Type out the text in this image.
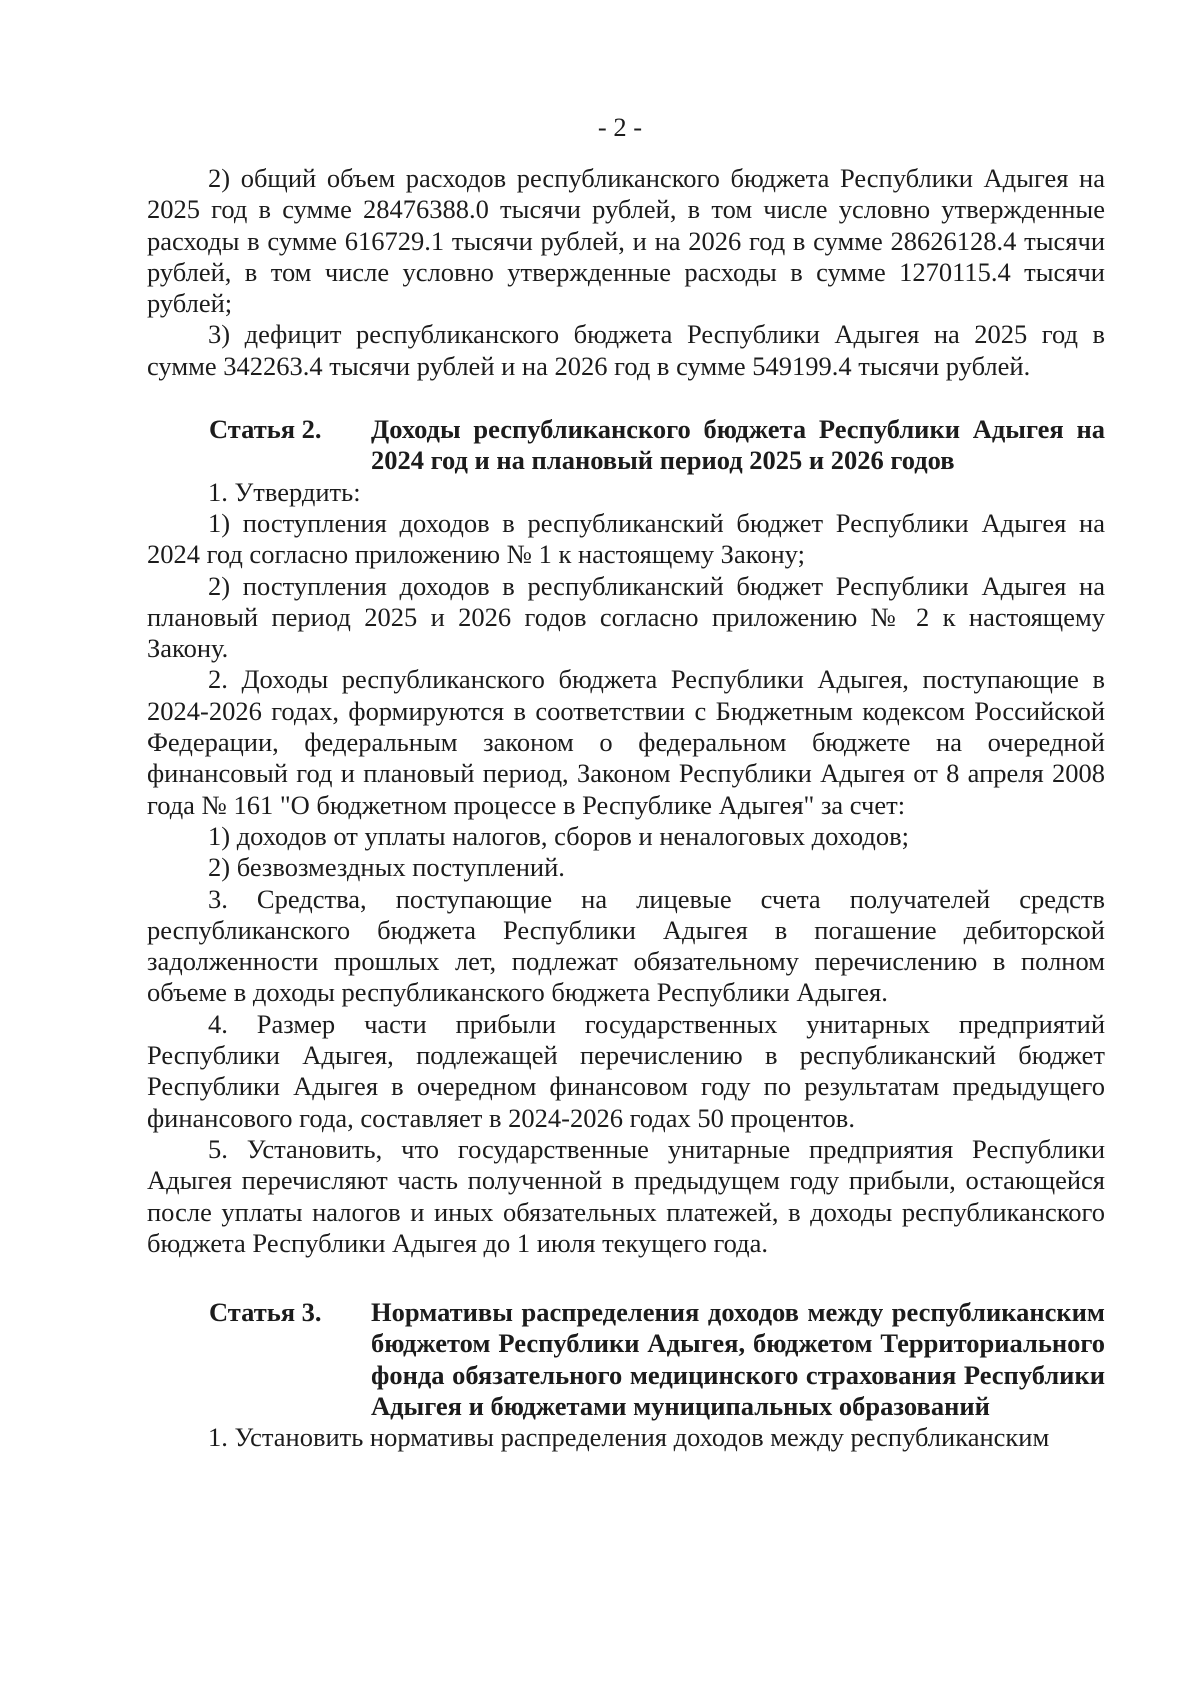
- 2 -

2) общий объем расходов республиканского бюджета Республики Адыгея на 2025 год в сумме 28476388.0 тысячи рублей, в том числе условно утвержденные расходы в сумме 616729.1 тысячи рублей, и на 2026 год в сумме 28626128.4 тысячи рублей, в том числе условно утвержденные расходы в сумме 1270115.4 тысячи рублей;

3) дефицит республиканского бюджета Республики Адыгея на 2025 год в сумме 342263.4 тысячи рублей и на 2026 год в сумме 549199.4 тысячи рублей.

Статья 2.	Доходы республиканского бюджета Республики Адыгея на 2024 год и на плановый период 2025 и 2026 годов

1. Утвердить:

1) поступления доходов в республиканский бюджет Республики Адыгея на 2024 год согласно приложению № 1 к настоящему Закону;

2) поступления доходов в республиканский бюджет Республики Адыгея на плановый период 2025 и 2026 годов согласно приложению № 2 к настоящему Закону.

2. Доходы республиканского бюджета Республики Адыгея, поступающие в 2024-2026 годах, формируются в соответствии с Бюджетным кодексом Российской Федерации, федеральным законом о федеральном бюджете на очередной финансовый год и плановый период, Законом Республики Адыгея от 8 апреля 2008 года № 161 "О бюджетном процессе в Республике Адыгея" за счет:

1) доходов от уплаты налогов, сборов и неналоговых доходов;

2) безвозмездных поступлений.

3. Средства, поступающие на лицевые счета получателей средств республиканского бюджета Республики Адыгея в погашение дебиторской задолженности прошлых лет, подлежат обязательному перечислению в полном объеме в доходы республиканского бюджета Республики Адыгея.

4. Размер части прибыли государственных унитарных предприятий Республики Адыгея, подлежащей перечислению в республиканский бюджет Республики Адыгея в очередном финансовом году по результатам предыдущего финансового года, составляет в 2024-2026 годах 50 процентов.

5. Установить, что государственные унитарные предприятия Республики Адыгея перечисляют часть полученной в предыдущем году прибыли, остающейся после уплаты налогов и иных обязательных платежей, в доходы республиканского бюджета Республики Адыгея до 1 июля текущего года.

Статья 3.	Нормативы распределения доходов между республиканским бюджетом Республики Адыгея, бюджетом Территориального фонда обязательного медицинского страхования Республики Адыгея и бюджетами муниципальных образований

1. Установить нормативы распределения доходов между республиканским
